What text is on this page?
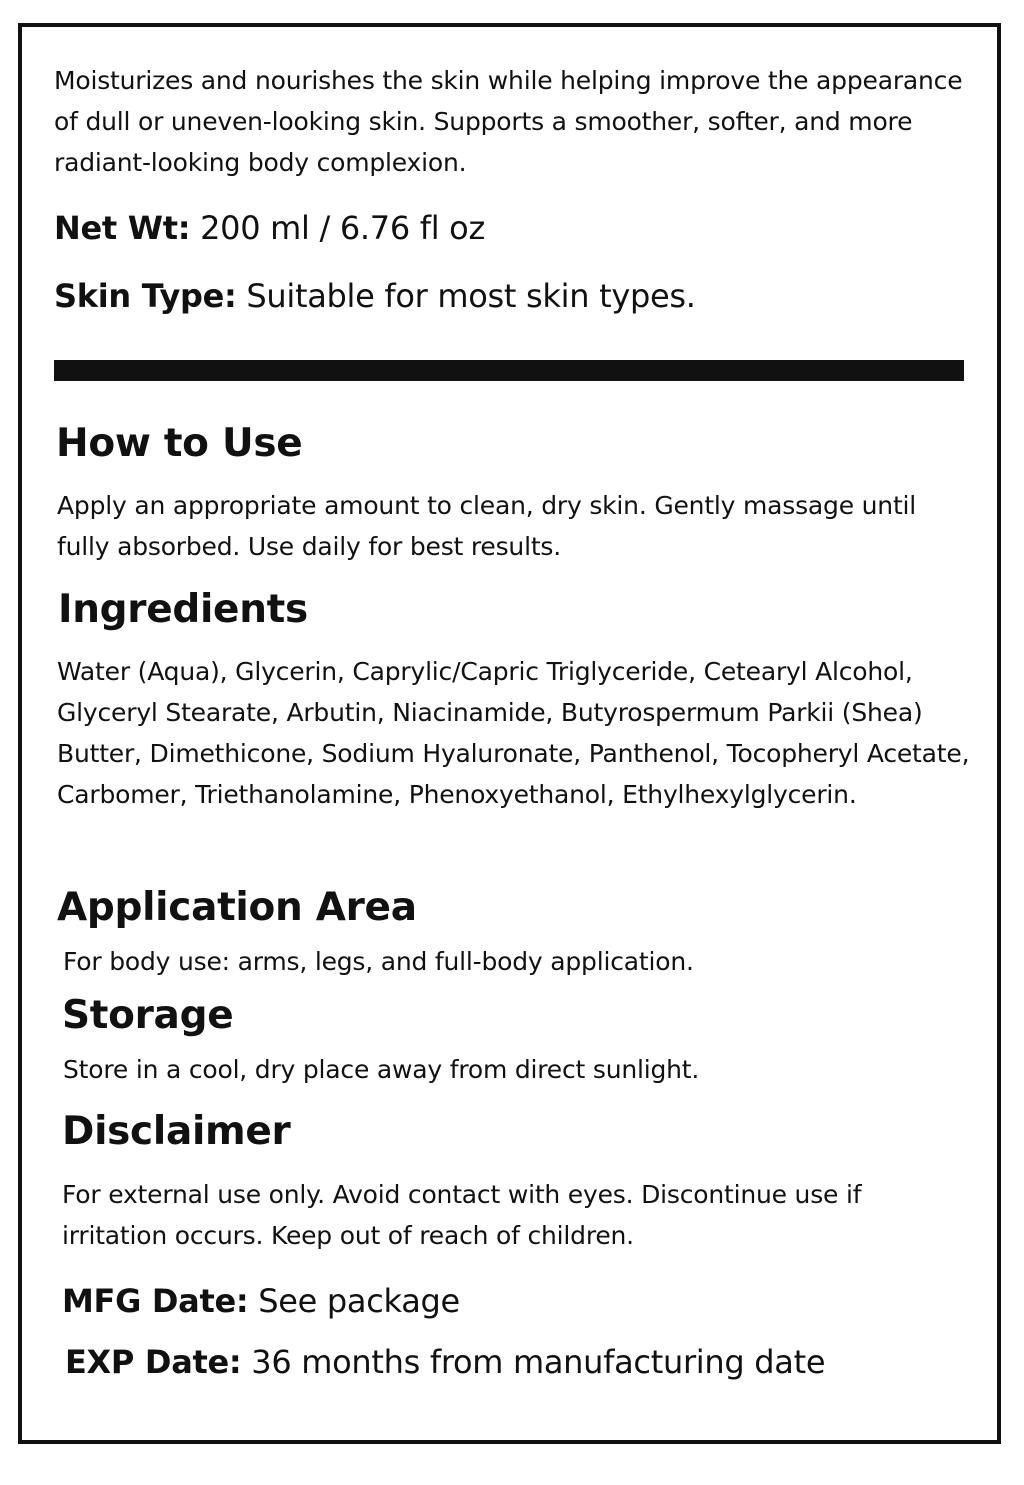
Moisturizes and nourishes the skin while helping improve the appearance of dull or uneven-looking skin. Supports a smoother, softer, and more radiant-looking body complexion.

Net Wt: 200 ml / 6.76 fl oz

Skin Type: Suitable for most skin types.

How to Use

Apply an appropriate amount to clean, dry skin. Gently massage until fully absorbed. Use daily for best results.

Ingredients

Water (Aqua), Glycerin, Caprylic/Capric Triglyceride, Cetearyl Alcohol, Glyceryl Stearate, Arbutin, Niacinamide, Butyrospermum Parkii (Shea) Butter, Dimethicone, Sodium Hyaluronate, Panthenol, Tocopheryl Acetate, Carbomer, Triethanolamine, Phenoxyethanol, Ethylhexylglycerin.

Application Area

For body use: arms, legs, and full-body application.

Storage

Store in a cool, dry place away from direct sunlight.

Disclaimer

For external use only. Avoid contact with eyes. Discontinue use if irritation occurs. Keep out of reach of children.

MFG Date: See package

EXP Date: 36 months from manufacturing date
